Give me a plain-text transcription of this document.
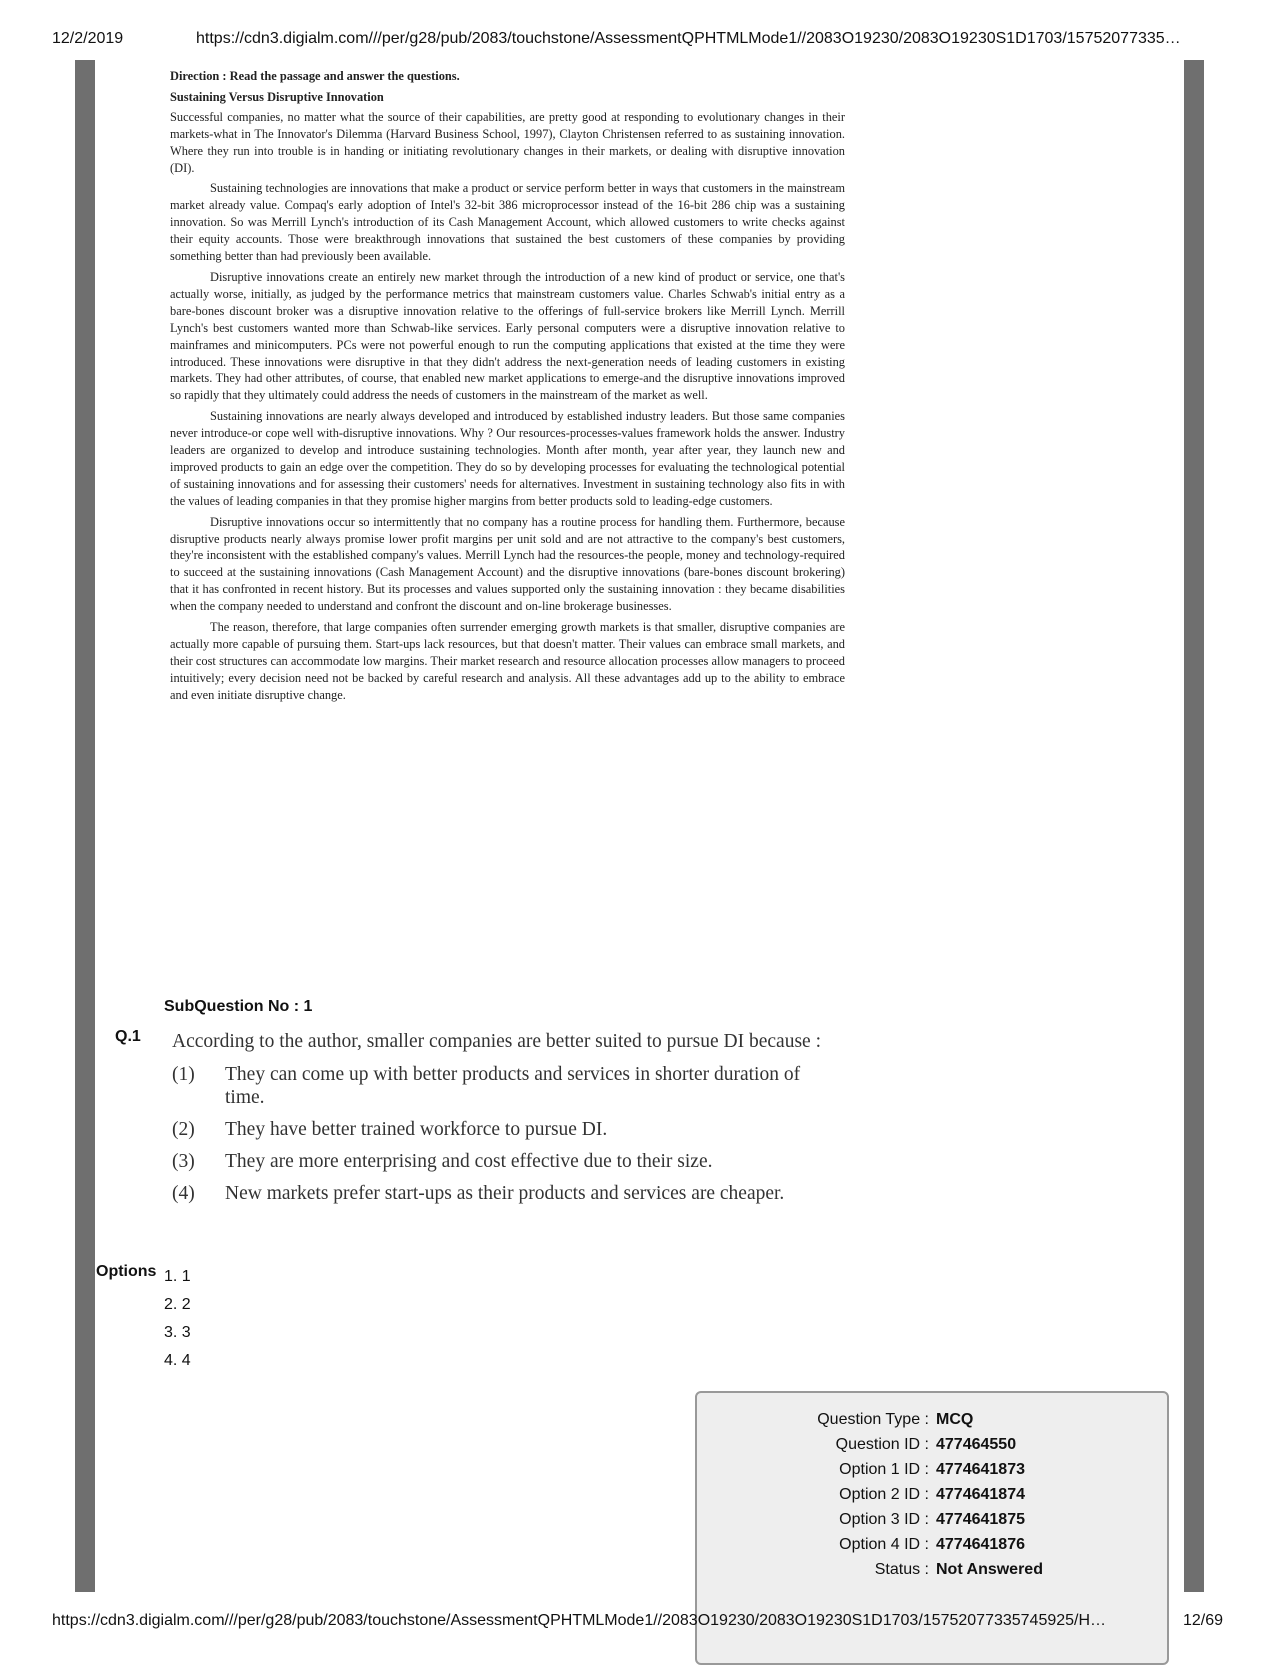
12/2/2019	https://cdn3.digialm.com///per/g28/pub/2083/touchstone/AssessmentQPHTMLMode1//2083O19230/2083O19230S1D1703/15752077335…
Direction : Read the passage and answer the questions.
Sustaining Versus Disruptive Innovation

Successful companies, no matter what the source of their capabilities, are pretty good at responding to evolutionary changes in their markets-what in The Innovator's Dilemma (Harvard Business School, 1997), Clayton Christensen referred to as sustaining innovation. Where they run into trouble is in handing or initiating revolutionary changes in their markets, or dealing with disruptive innovation (DI).

Sustaining technologies are innovations that make a product or service perform better in ways that customers in the mainstream market already value. Compaq's early adoption of Intel's 32-bit 386 microprocessor instead of the 16-bit 286 chip was a sustaining innovation. So was Merrill Lynch's introduction of its Cash Management Account, which allowed customers to write checks against their equity accounts. Those were breakthrough innovations that sustained the best customers of these companies by providing something better than had previously been available.

Disruptive innovations create an entirely new market through the introduction of a new kind of product or service, one that's actually worse, initially, as judged by the performance metrics that mainstream customers value. Charles Schwab's initial entry as a bare-bones discount broker was a disruptive innovation relative to the offerings of full-service brokers like Merrill Lynch. Merrill Lynch's best customers wanted more than Schwab-like services. Early personal computers were a disruptive innovation relative to mainframes and minicomputers. PCs were not powerful enough to run the computing applications that existed at the time they were introduced. These innovations were disruptive in that they didn't address the next-generation needs of leading customers in existing markets. They had other attributes, of course, that enabled new market applications to emerge-and the disruptive innovations improved so rapidly that they ultimately could address the needs of customers in the mainstream of the market as well.

Sustaining innovations are nearly always developed and introduced by established industry leaders. But those same companies never introduce-or cope well with-disruptive innovations. Why ? Our resources-processes-values framework holds the answer. Industry leaders are organized to develop and introduce sustaining technologies. Month after month, year after year, they launch new and improved products to gain an edge over the competition. They do so by developing processes for evaluating the technological potential of sustaining innovations and for assessing their customers' needs for alternatives. Investment in sustaining technology also fits in with the values of leading companies in that they promise higher margins from better products sold to leading-edge customers.

Disruptive innovations occur so intermittently that no company has a routine process for handling them. Furthermore, because disruptive products nearly always promise lower profit margins per unit sold and are not attractive to the company's best customers, they're inconsistent with the established company's values. Merrill Lynch had the resources-the people, money and technology-required to succeed at the sustaining innovations (Cash Management Account) and the disruptive innovations (bare-bones discount brokering) that it has confronted in recent history. But its processes and values supported only the sustaining innovation : they became disabilities when the company needed to understand and confront the discount and on-line brokerage businesses.

The reason, therefore, that large companies often surrender emerging growth markets is that smaller, disruptive companies are actually more capable of pursuing them. Start-ups lack resources, but that doesn't matter. Their values can embrace small markets, and their cost structures can accommodate low margins. Their market research and resource allocation processes allow managers to proceed intuitively; every decision need not be backed by careful research and analysis. All these advantages add up to the ability to embrace and even initiate disruptive change.

SubQuestion No : 1
Q.1 According to the author, smaller companies are better suited to pursue DI because :
(1) They can come up with better products and services in shorter duration of time.
(2) They have better trained workforce to pursue DI.
(3) They are more enterprising and cost effective due to their size.
(4) New markets prefer start-ups as their products and services are cheaper.
Options 1. 1
2. 2
3. 3
4. 4
Question Type : MCQ
Question ID : 477464550
Option 1 ID : 4774641873
Option 2 ID : 4774641874
Option 3 ID : 4774641875
Option 4 ID : 4774641876
Status : Not Answered
https://cdn3.digialm.com///per/g28/pub/2083/touchstone/AssessmentQPHTMLMode1//2083O19230/2083O19230S1D1703/15752077335745925/H…	12/69
